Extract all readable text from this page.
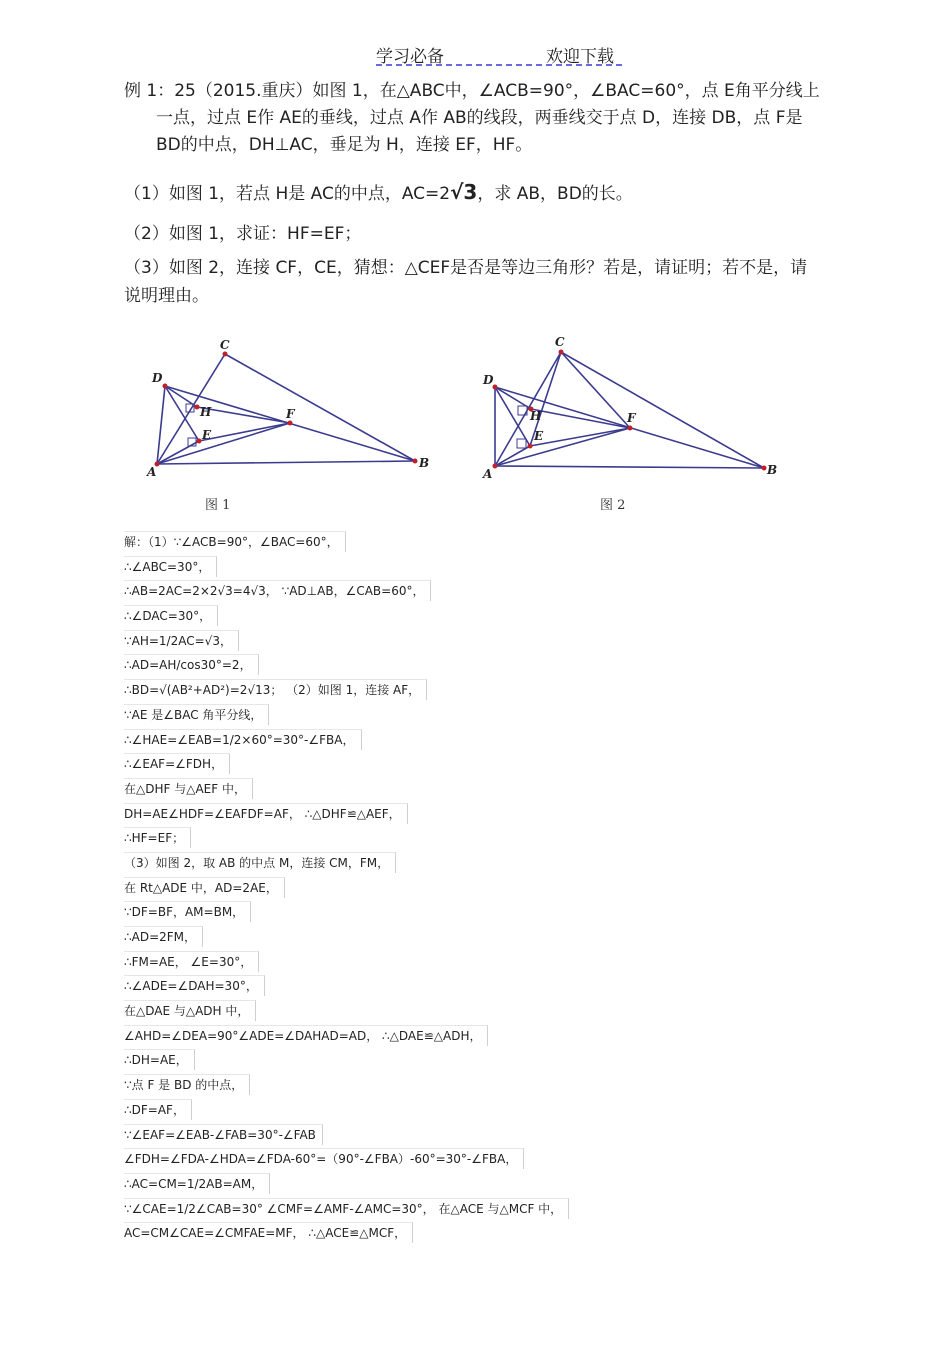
学习必备	欢迎下载
例 1：25（2015.重庆）如图 1，在△ABC中，∠ACB=90°，∠BAC=60°，点 E角平分线上
一点，过点 E作 AE的垂线，过点 A作 AB的线段，两垂线交于点 D，连接 DB，点 F是
BD的中点，DH⊥AC，垂足为 H，连接 EF，HF。
（1）如图 1，若点 H是 AC的中点，AC=2√3，求 AB，BD的长。
（2）如图 1，求证：HF=EF；
（3）如图 2，连接 CF，CE，猜想：△CEF是否是等边三角形？若是，请证明；若不是，请
说明理由。
A
B
C
D
E
F
H
图 1
A	B
C
D
E
F
H
图 2
解：（1）∵∠ACB=90°，∠BAC=60°，
∴∠ABC=30°，
∴AB=2AC=2×2√3=4√3， ∵AD⊥AB，∠CAB=60°，
∴∠DAC=30°，
∵AH=1/2AC=√3，
∴AD=AH/cos30°=2，
∴BD=√(AB²+AD²)=2√13； （2）如图 1，连接 AF，
∵AE 是∠BAC 角平分线，
∴∠HAE=∠EAB=1/2×60°=30°-∠FBA，
∴∠EAF=∠FDH，
在△DHF 与△AEF 中，
DH=AE∠HDF=∠EAFDF=AF， ∴△DHF≌△AEF，
∴HF=EF；
（3）如图 2，取 AB 的中点 M，连接 CM，FM，
在 Rt△ADE 中，AD=2AE，
∵DF=BF，AM=BM，
∴AD=2FM，
∴FM=AE， ∠E=30°，
∴∠ADE=∠DAH=30°，
在△DAE 与△ADH 中，
∠AHD=∠DEA=90°∠ADE=∠DAHAD=AD， ∴△DAE≌△ADH，
∴DH=AE，
∵点 F 是 BD 的中点，
∴DF=AF，
∵∠EAF=∠EAB-∠FAB=30°-∠FAB
∠FDH=∠FDA-∠HDA=∠FDA-60°=（90°-∠FBA）-60°=30°-∠FBA，
∴AC=CM=1/2AB=AM，
∵∠CAE=1/2∠CAB=30° ∠CMF=∠AMF-∠AMC=30°， 在△ACE 与△MCF 中，
AC=CM∠CAE=∠CMFAE=MF， ∴△ACE≌△MCF，
